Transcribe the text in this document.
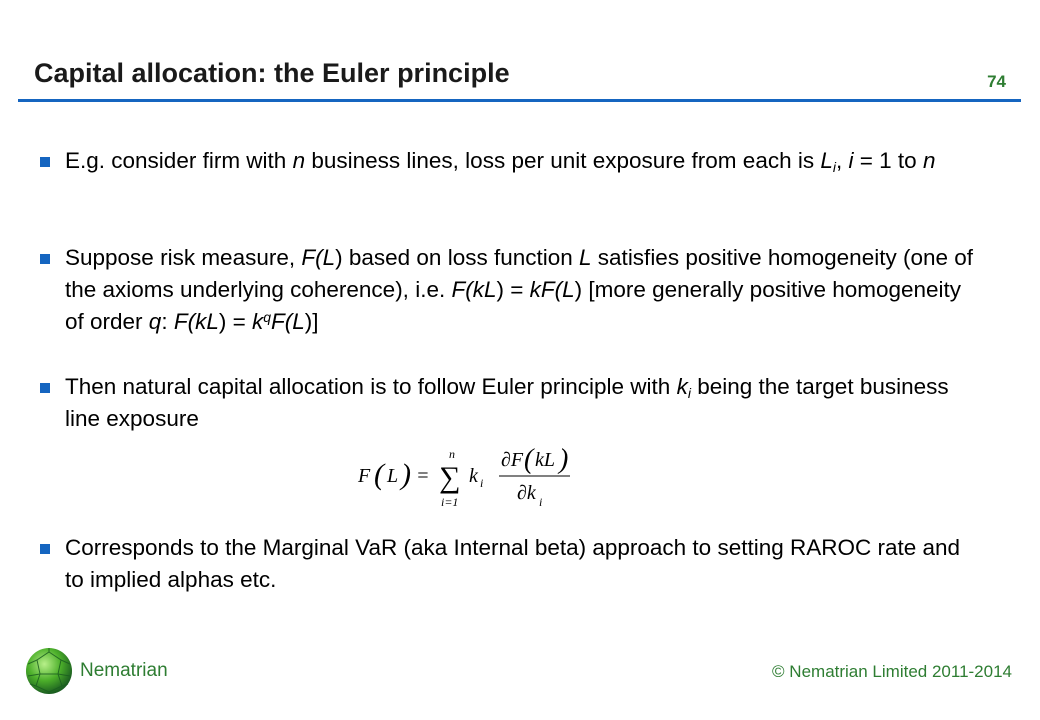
Capital allocation: the Euler principle	74
E.g. consider firm with n business lines, loss per unit exposure from each is $L_i$, i = 1 to n
Suppose risk measure, F(L) based on loss function L satisfies positive homogeneity (one of the axioms underlying coherence), i.e. F(kL) = kF(L) [more generally positive homogeneity of order q: $F(kL) = k^qF(L)$]
Then natural capital allocation is to follow Euler principle with $k_i$ being the target business line exposure
F ( L ) =
n
∑
i=1
k i
∂F ( kL )
∂k i
Corresponds to the Marginal VaR (aka Internal beta) approach to setting RAROC rate and to implied alphas etc.
Nematrian	© Nematrian Limited 2011-2014
